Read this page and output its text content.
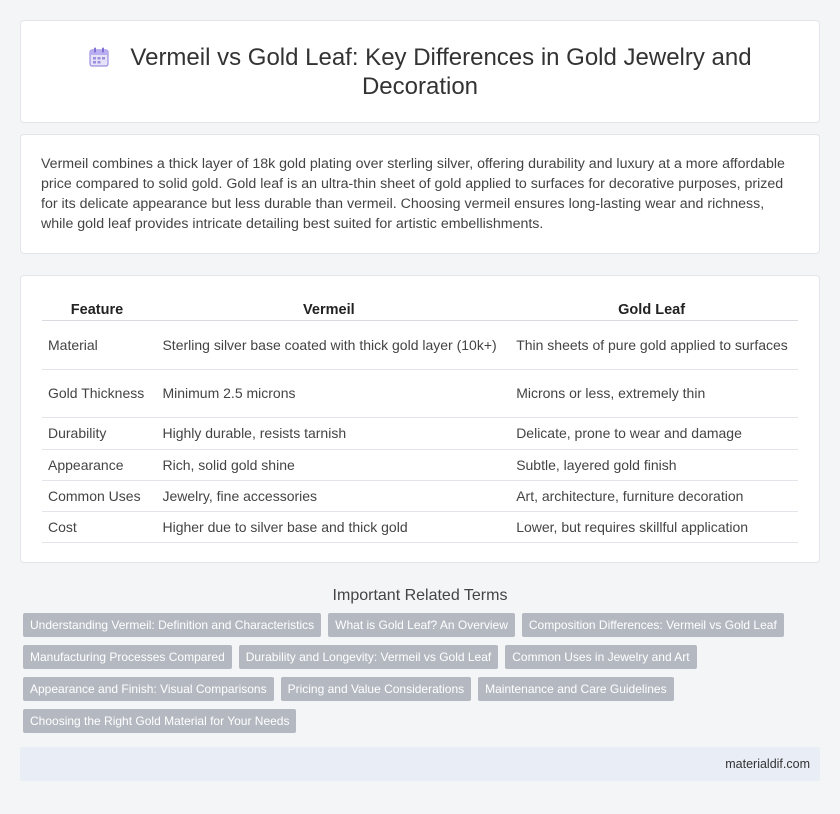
Vermeil vs Gold Leaf: Key Differences in Gold Jewelry and Decoration

Vermeil combines a thick layer of 18k gold plating over sterling silver, offering durability and luxury at a more affordable price compared to solid gold. Gold leaf is an ultra-thin sheet of gold applied to surfaces for decorative purposes, prized for its delicate appearance but less durable than vermeil. Choosing vermeil ensures long-lasting wear and richness, while gold leaf provides intricate detailing best suited for artistic embellishments.

Feature	Vermeil	Gold Leaf
Material	Sterling silver base coated with thick gold layer (10k+)	Thin sheets of pure gold applied to surfaces
Gold Thickness	Minimum 2.5 microns	Microns or less, extremely thin
Durability	Highly durable, resists tarnish	Delicate, prone to wear and damage
Appearance	Rich, solid gold shine	Subtle, layered gold finish
Common Uses	Jewelry, fine accessories	Art, architecture, furniture decoration
Cost	Higher due to silver base and thick gold	Lower, but requires skillful application
Important Related Terms
Understanding Vermeil: Definition and Characteristics	What is Gold Leaf? An Overview	Composition Differences: Vermeil vs Gold Leaf
Manufacturing Processes Compared	Durability and Longevity: Vermeil vs Gold Leaf	Common Uses in Jewelry and Art
Appearance and Finish: Visual Comparisons	Pricing and Value Considerations	Maintenance and Care Guidelines
Choosing the Right Gold Material for Your Needs
materialdif.com
